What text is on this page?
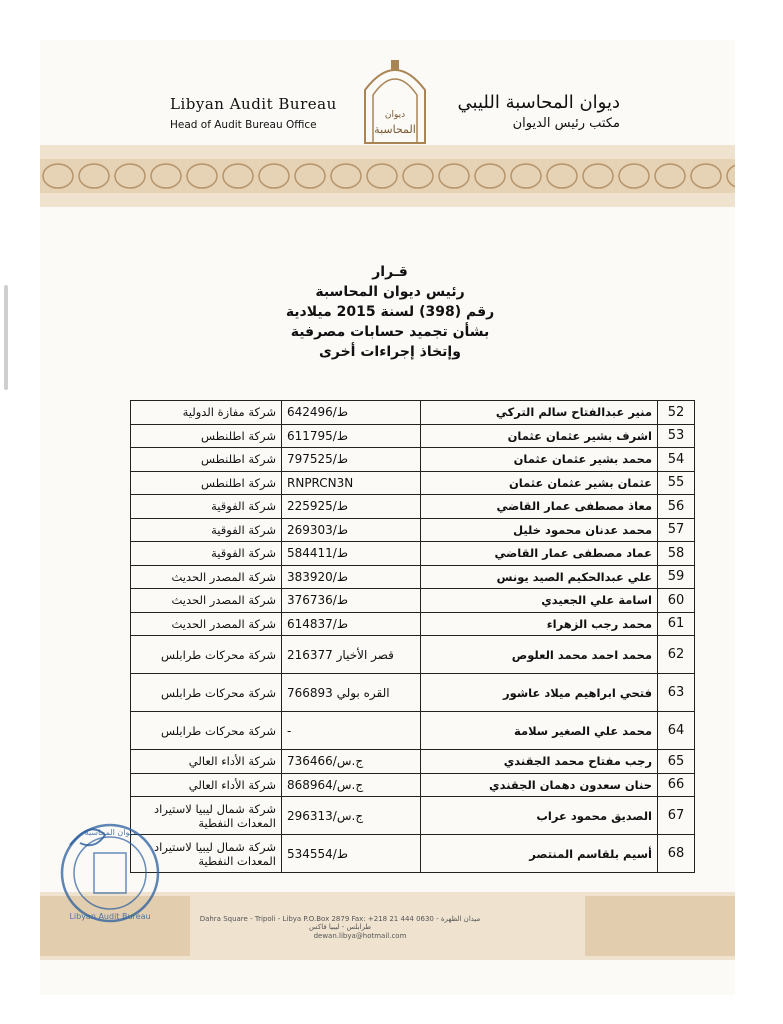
Libyan Audit Bureau
Head of Audit Bureau Office
ديوان
المحاسبة
ديوان المحاسبة الليبي
مكتب رئيس الديوان
قـرار
رئيس ديوان المحاسبة
رقم (398) لسنة 2015 ميلادية
بشأن تجميد حسابات مصرفية
وإتخاذ إجراءات أخرى
52	منير عبدالفتاح سالم التركي	642496/ط	شركة مفازة الدولية
53	اشرف بشير عثمان عثمان	611795/ط	شركة اطلنطس
54	محمد بشير عثمان عثمان	797525/ط	شركة اطلنطس
55	عثمان بشير عثمان عثمان	RNPRCN3N	شركة اطلنطس
56	معاذ مصطفى عمار القاضي	225925/ط	شركة الفوقية
57	محمد عدنان محمود خليل	269303/ط	شركة الفوقية
58	عماد مصطفى عمار القاضي	584411/ط	شركة الفوقية
59	علي عبدالحكيم الصيد يونس	383920/ط	شركة المصدر الحديث
60	اسامة علي الجعيدي	376736/ط	شركة المصدر الحديث
61	محمد رجب الزهراء	614837/ط	شركة المصدر الحديث
62	محمد احمد محمد العلوص	216377 قصر الأخيار	شركة محركات طرابلس
63	فتحي ابراهيم ميلاد عاشور	766893 القره بولي	شركة محركات طرابلس
64	محمد علي الصغير سلامة	-	شركة محركات طرابلس
65	رجب مفتاح محمد الجقندي	736466/ج.س	شركة الأداء العالي
66	حنان سعدون دهمان الجقندي	868964/ج.س	شركة الأداء العالي
67	الصديق محمود عراب	296313/ج.س	شركة شمال ليبيا لاستيراد المعدات النفطية
68	أسيم بلقاسم المنتصر	534554/ط	شركة شمال ليبيا لاستيراد المعدات النفطية
Dahra Square - Tripoli - Libya P.O.Box 2879 Fax: +218 21 444 0630 ميدان الظهرة - طرابلس - ليبيا فاكس
dewan.libya@hotmail.com
Libyan Audit Bureau
ديوان المحاسبة
